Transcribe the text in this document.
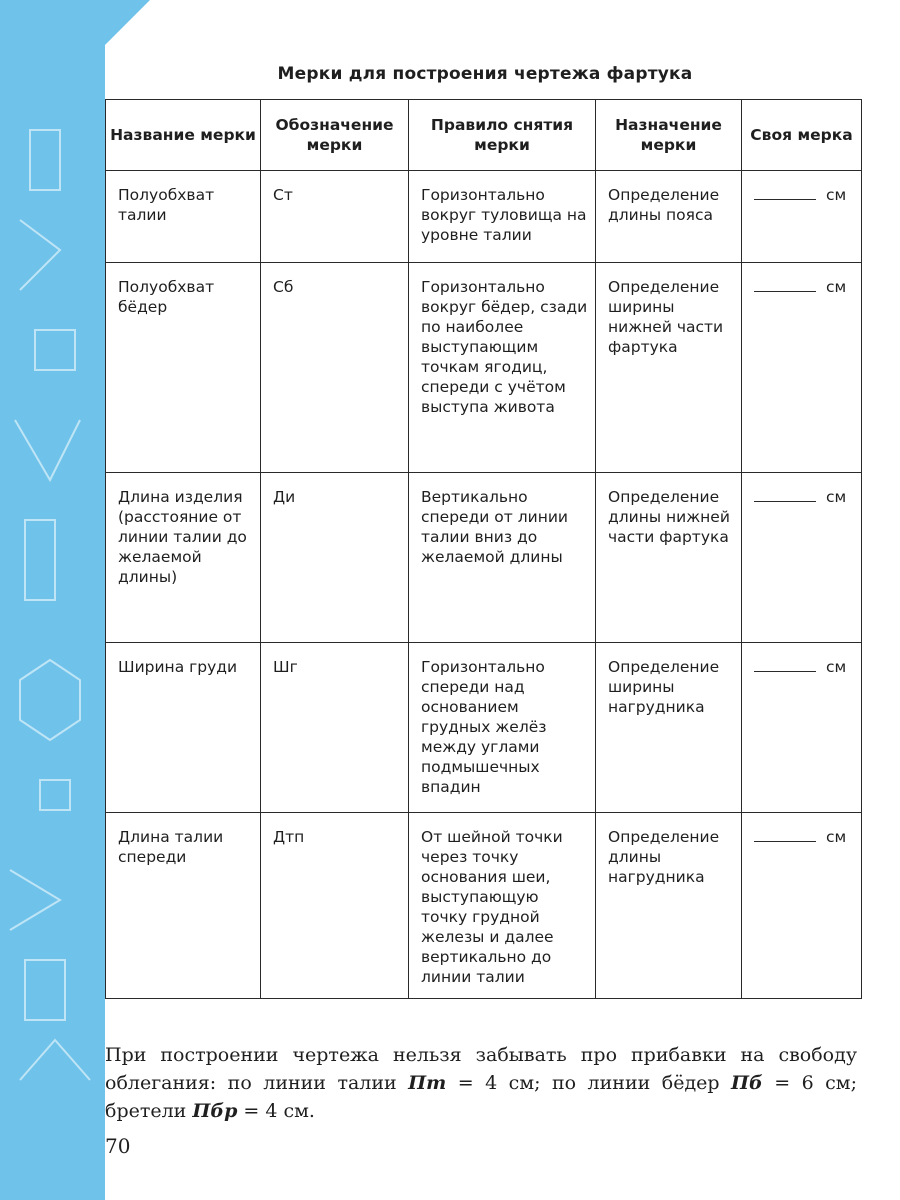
Мерки для построения чертежа фартука
Название мерки	Обозначение мерки	Правило снятия мерки	Назначение мерки	Своя мерка
Полуобхват талии	Ст	Горизонтально вокруг туловища на уровне талии	Определение длины пояса	см
Полуобхват бёдер	Сб	Горизонтально вокруг бёдер, сзади по наиболее выступающим точкам ягодиц, спереди с учётом выступа живота	Определение ширины нижней части фартука	см
Длина изделия (расстояние от линии талии до желаемой длины)	Ди	Вертикально спереди от линии талии вниз до желаемой длины	Определение длины нижней части фартука	см
Ширина груди	Шг	Горизонтально спереди над основанием грудных желёз между углами подмышечных впадин	Определение ширины нагрудника	см
Длина талии спереди	Дтп	От шейной точки через точку основания шеи, выступающую точку грудной железы и далее вертикально до линии талии	Определение длины нагрудника	см

При построении чертежа нельзя забывать про прибавки на свободу облегания: по линии талии Пт = 4 см; по линии бёдер Пб = 6 см; бретели Пбр = 4 см.

70
